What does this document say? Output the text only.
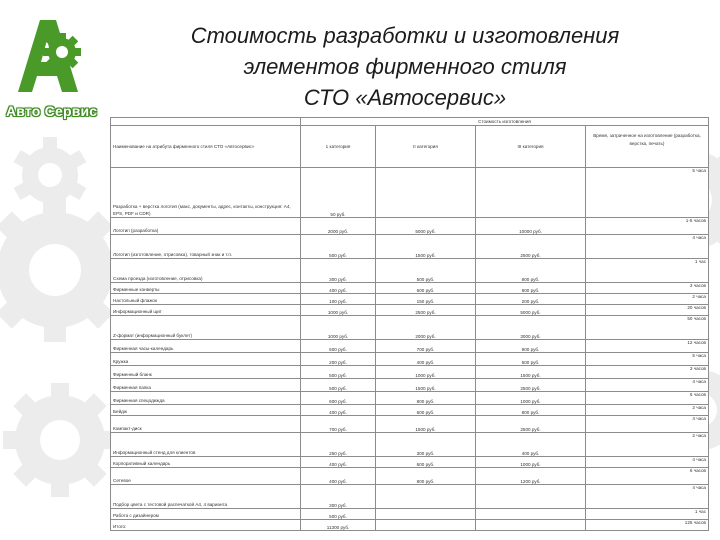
Авто Сервис
Стоимость разработки и изготовления
элементов фирменного стиля
СТО «Автосервис»
	Стоимость изготовления			
Наименование на атрибута фирменного стиля СТО «Автосервис»	1 категория	II категория	III категория	Время, затраченное на изготовление (разработка, верстка, печать)
Разработка + верстка логотип (макс, документы, адрес, контакты, конструкция: A4, EPS, PDF и CDR)	50 руб.			5 часа
Логотип (разработка)	2000 руб.	5000 руб.	10000 руб.	1-5 часов
Логотип (изготовление, отрисовка), товарный знак и т.п.	500 руб.	1500 руб.	2500 руб.	4 часа
Схема проезда (изготовление, отрисовка)	300 руб.	500 руб.	800 руб.	1 час
Фирменные конверты	400 руб.	600 руб.	800 руб.	3 часов
Настольный флажок	100 руб.	150 руб.	200 руб.	2 часа
Информационный щит	1000 руб.	2500 руб.	5000 руб.	20 часов
Z-формат (информационный буклет)	1000 руб.	2000 руб.	3000 руб.	50 часов
Фирменная часы-календарь	500 руб.	700 руб.	900 руб.	12 часов
Кружка	200 руб.	400 руб.	500 руб.	5 часа
Фирменный бланк	500 руб.	1000 руб.	1500 руб.	3 часов
Фирменная папка	500 руб.	1500 руб.	2500 руб.	4 часа
Фирменная спецодежда	600 руб.	800 руб.	1000 руб.	6 часов
Бейдж	400 руб.	600 руб.	800 руб.	2 часа
Компакт-диск	700 руб.	1500 руб.	2500 руб.	4 часа
Информационный стенд для клиентов	250 руб.	300 руб.	400 руб.	2 часа
Корпоративный календарь	400 руб.	600 руб.	1000 руб.	4 часа
Сетевое	400 руб.	800 руб.	1200 руб.	6 часов
Подбор цвета с тестовой распечаткой A4, 4 варианта	300 руб.			4 часа
Работа с дизайнером	500 руб.			1 час
Итого:	11300 руб.			125 часов
